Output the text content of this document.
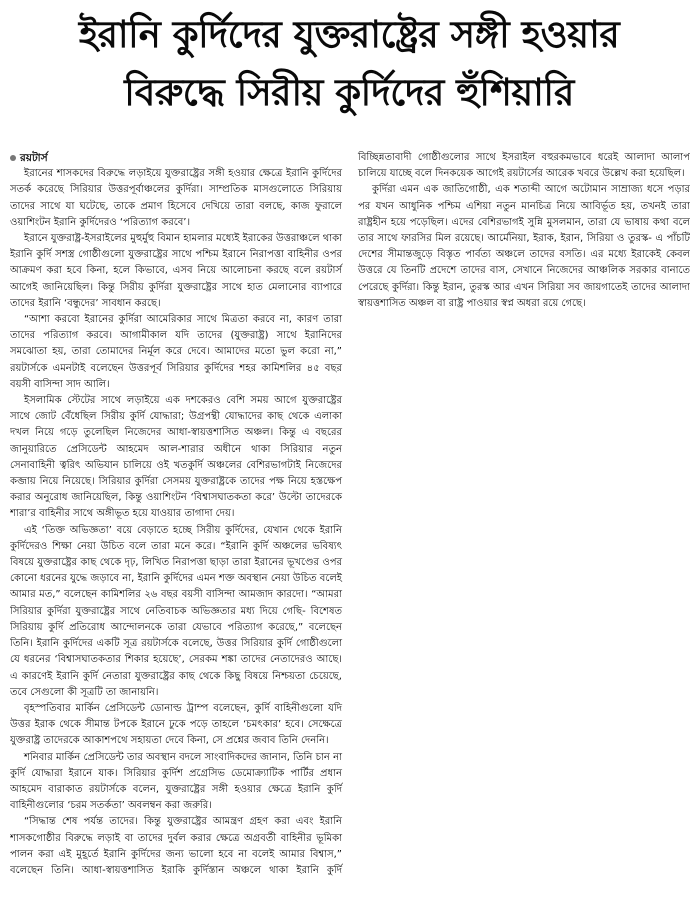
ইরানি কুর্দিদের যুক্তরাষ্ট্রের সঙ্গী হওয়ার
বিরুদ্ধে সিরীয় কুর্দিদের হুঁশিয়ারি

রয়টার্স

ইরানের শাসকদের বিরুদ্ধে লড়াইয়ে যুক্তরাষ্ট্রের সঙ্গী হওয়ার ক্ষেত্রে ইরানি কুর্দিদের সতর্ক করেছে সিরিয়ার উত্তরপূর্বাঞ্চলের কুর্দিরা। সাম্প্রতিক মাসগুলোতে সিরিয়ায় তাদের সাথে যা ঘটেছে, তাকে প্রমাণ হিসেবে দেখিয়ে তারা বলছে, কাজ ফুরালে ওয়াশিংটন ইরানি কুর্দিদেরও ‘পরিত্যাগ করবে’।

ইরানে যুক্তরাষ্ট্র-ইসরাইলের মুহুর্মুহু বিমান হামলার মধ্যেই ইরাকের উত্তরাঞ্চলে থাকা ইরানি কুর্দি সশস্ত্র গোষ্ঠীগুলো যুক্তরাষ্ট্রের সাথে পশ্চিম ইরানে নিরাপত্তা বাহিনীর ওপর আক্রমণ করা হবে কিনা, হলে কিভাবে, এসব নিয়ে আলোচনা করছে বলে রয়টার্স আগেই জানিয়েছিল। কিন্তু সিরীয় কুর্দিরা যুক্তরাষ্ট্রের সাথে হাত মেলানোর ব্যাপারে তাদের ইরানি ‘বন্ধুদের’ সাবধান করছে।

“আশা করবো ইরানের কুর্দিরা আমেরিকার সাথে মিত্রতা করবে না, কারণ তারা তাদের পরিত্যাগ করবে। আগামীকাল যদি তাদের (যুক্তরাষ্ট্র) সাথে ইরানিদের সমঝোতা হয়, তারা তোমাদের নির্মূল করে দেবে। আমাদের মতো ভুল করো না,” রয়টার্সকে এমনটাই বলেছেন উত্তরপূর্ব সিরিয়ার কুর্দিদের শহর কামিশলির ৪৫ বছর বয়সী বাসিন্দা সাদ আলি।

ইসলামিক স্টেটের সাথে লড়াইয়ে এক দশকেরও বেশি সময় আগে যুক্তরাষ্ট্রের সাথে জোট বেঁধেছিল সিরীয় কুর্দি যোদ্ধারা; উগ্রপন্থী যোদ্ধাদের কাছ থেকে এলাকা দখল নিয়ে গড়ে তুলেছিল নিজেদের আধা-স্বায়ত্তশাসিত অঞ্চল। কিন্তু এ বছরের জানুয়ারিতে প্রেসিডেন্ট আহমেদ আল-শারার অধীনে থাকা সিরিয়ার নতুন সেনাবাহিনী ত্বরিৎ অভিযান চালিয়ে ওই খতকুর্দি অঞ্চলের বেশিরভাগটাই নিজেদের কব্জায় নিয়ে নিয়েছে। সিরিয়ার কুর্দিরা সেসময় যুক্তরাষ্ট্রকে তাদের পক্ষ নিয়ে হস্তক্ষেপ করার অনুরোধ জানিয়েছিল, কিন্তু ওয়াশিংটন ‘বিশ্বাসঘাতকতা করে’ উল্টো তাদেরকে শারা’র বাহিনীর সাথে অঙ্গীভূত হয়ে যাওয়ার তাগাদা দেয়।

এই ‘তিক্ত অভিজ্ঞতা’ বয়ে বেড়াতে হচ্ছে সিরীয় কুর্দিদের, যেখান থেকে ইরানি কুর্দিদেরও শিক্ষা নেয়া উচিত বলে তারা মনে করে। “ইরানি কুর্দি অঞ্চলের ভবিষ্যৎ বিষয়ে যুক্তরাষ্ট্রের কাছ থেকে দৃঢ়, লিখিত নিরাপত্তা ছাড়া তারা ইরানের ভূখণ্ডের ওপর কোনো ধরনের যুদ্ধে জড়াবে না, ইরানি কুর্দিদের এমন শক্ত অবস্থান নেয়া উচিত বলেই আমার মত,” বলেছেন কামিশলির ২৬ বছর বয়সী বাসিন্দা আমজাদ কারদো। “আমরা সিরিয়ার কুর্দিরা যুক্তরাষ্ট্রের সাথে নেতিবাচক অভিজ্ঞতার মধ্য দিয়ে গেছি- বিশেষত সিরিয়ায় কুর্দি প্রতিরোধ আন্দোলনকে তারা যেভাবে পরিত্যাগ করেছে,” বলেছেন তিনি। ইরানি কুর্দিদের একটি সূত্র রয়টার্সকে বলেছে, উত্তর সিরিয়ার কুর্দি গোষ্ঠীগুলো যে ধরনের ‘বিশ্বাসঘাতকতার শিকার হয়েছে’, সেরকম শঙ্কা তাদের নেতাদেরও আছে। এ কারণেই ইরানি কুর্দি নেতারা যুক্তরাষ্ট্রের কাছ থেকে কিছু বিষয়ে নিশ্চয়তা চেয়েছে, তবে সেগুলো কী সূত্রটি তা জানায়নি।

বৃহস্পতিবার মার্কিন প্রেসিডেন্ট ডোনাল্ড ট্রাম্প বলেছেন, কুর্দি বাহিনীগুলো যদি উত্তর ইরাক থেকে সীমান্ত টপকে ইরানে ঢুকে পড়ে তাহলে ‘চমৎকার’ হবে। সেক্ষেত্রে যুক্তরাষ্ট্র তাদেরকে আকাশপথে সহায়তা দেবে কিনা, সে প্রশ্নের জবাব তিনি দেননি।

শনিবার মার্কিন প্রেসিডেন্ট তার অবস্থান বদলে সাংবাদিকদের জানান, তিনি চান না কুর্দি যোদ্ধারা ইরানে যাক। সিরিয়ার কুর্দিশ প্রগ্রেসিভ ডেমোক্র্যাটিক পার্টির প্রধান আহমেদ বারাকাত রয়টার্সকে বলেন, যুক্তরাষ্ট্রের সঙ্গী হওয়ার ক্ষেত্রে ইরানি কুর্দি বাহিনীগুলোর ‘চরম সতর্কতা’ অবলম্বন করা জরুরি।

“সিদ্ধান্ত শেষ পর্যন্ত তাদের। কিন্তু যুক্তরাষ্ট্রের আমন্ত্রণ গ্রহণ করা এবং ইরানি শাসকগোষ্ঠীর বিরুদ্ধে লড়াই বা তাদের দুর্বল করার ক্ষেত্রে অগ্রবর্তী বাহিনীর ভূমিকা পালন করা এই মুহূর্তে ইরানি কুর্দিদের জন্য ভালো হবে না বলেই আমার বিশ্বাস,” বলেছেন তিনি। আধা-স্বায়ত্তশাসিত ইরাকি কুর্দিস্তান অঞ্চলে থাকা ইরানি কুর্দি বিচ্ছিন্নতাবাদী গোষ্ঠীগুলোর সাথে ইসরাইল বহুরকমভাবে ধরেই আলাদা আলাপ চালিয়ে যাচ্ছে বলে দিনকয়েক আগেই রয়টার্সের আরেক খবরে উল্লেখ করা হয়েছিল।

কুর্দিরা এমন এক জাতিগোষ্ঠী, এক শতাব্দী আগে অটোমান সাম্রাজ্য ধসে পড়ার পর যখন আধুনিক পশ্চিম এশিয়া নতুন মানচিত্র নিয়ে আবির্ভূত হয়, তখনই তারা রাষ্ট্রহীন হয়ে পড়েছিল। এদের বেশিরভাগই সুন্নি মুসলমান, তারা যে ভাষায় কথা বলে তার সাথে ফারসির মিল রয়েছে। আর্মেনিয়া, ইরাক, ইরান, সিরিয়া ও তুরস্ক- এ পাঁচটি দেশের সীমান্তজুড়ে বিস্তৃত পার্বত্য অঞ্চলে তাদের বসতি। এর মধ্যে ইরাকেই কেবল উত্তরে যে তিনটি প্রদেশে তাদের বাস, সেখানে নিজেদের আঞ্চলিক সরকার বানাতে পেরেছে কুর্দিরা। কিন্তু ইরান, তুরস্ক আর এখন সিরিয়া সব জায়গাতেই তাদের আলাদা স্বায়ত্তশাসিত অঞ্চল বা রাষ্ট্র পাওয়ার স্বপ্ন অধরা রয়ে গেছে।
